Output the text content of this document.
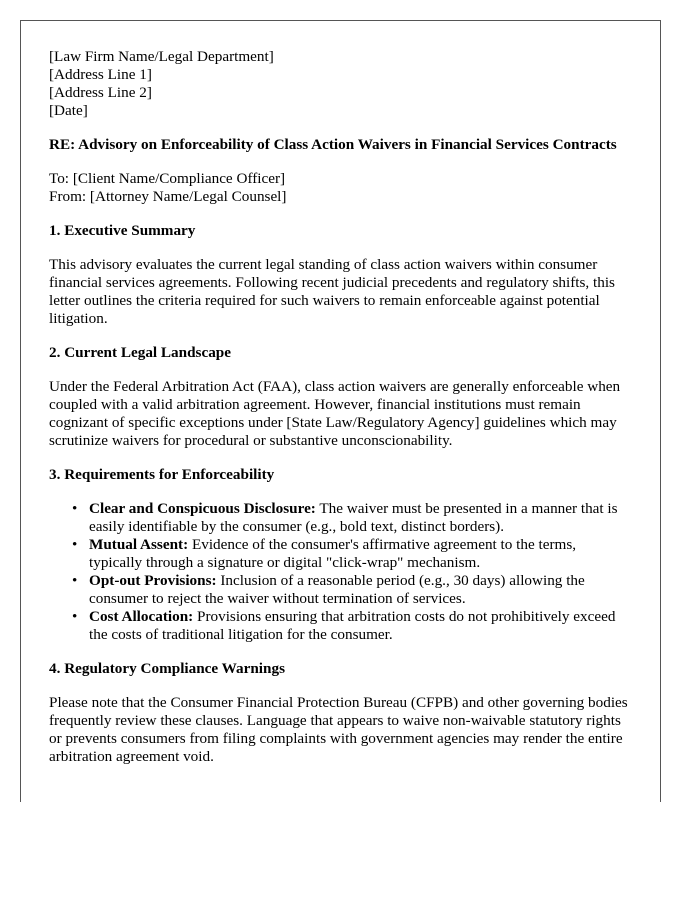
[Law Firm Name/Legal Department]

[Address Line 1]

[Address Line 2]

[Date]

RE: Advisory on Enforceability of Class Action Waivers in Financial Services Contracts

To: [Client Name/Compliance Officer]

From: [Attorney Name/Legal Counsel]

1. Executive Summary

This advisory evaluates the current legal standing of class action waivers within consumer financial services agreements. Following recent judicial precedents and regulatory shifts, this letter outlines the criteria required for such waivers to remain enforceable against potential litigation.

2. Current Legal Landscape

Under the Federal Arbitration Act (FAA), class action waivers are generally enforceable when coupled with a valid arbitration agreement. However, financial institutions must remain cognizant of specific exceptions under [State Law/Regulatory Agency] guidelines which may scrutinize waivers for procedural or substantive unconscionability.

3. Requirements for Enforceability
• Clear and Conspicuous Disclosure: The waiver must be presented in a manner that is easily identifiable by the consumer (e.g., bold text, distinct borders).
• Mutual Assent: Evidence of the consumer's affirmative agreement to the terms, typically through a signature or digital "click-wrap" mechanism.
• Opt-out Provisions: Inclusion of a reasonable period (e.g., 30 days) allowing the consumer to reject the waiver without termination of services.
• Cost Allocation: Provisions ensuring that arbitration costs do not prohibitively exceed the costs of traditional litigation for the consumer.
4. Regulatory Compliance Warnings

Please note that the Consumer Financial Protection Bureau (CFPB) and other governing bodies frequently review these clauses. Language that appears to waive non-waivable statutory rights or prevents consumers from filing complaints with government agencies may render the entire arbitration agreement void.
